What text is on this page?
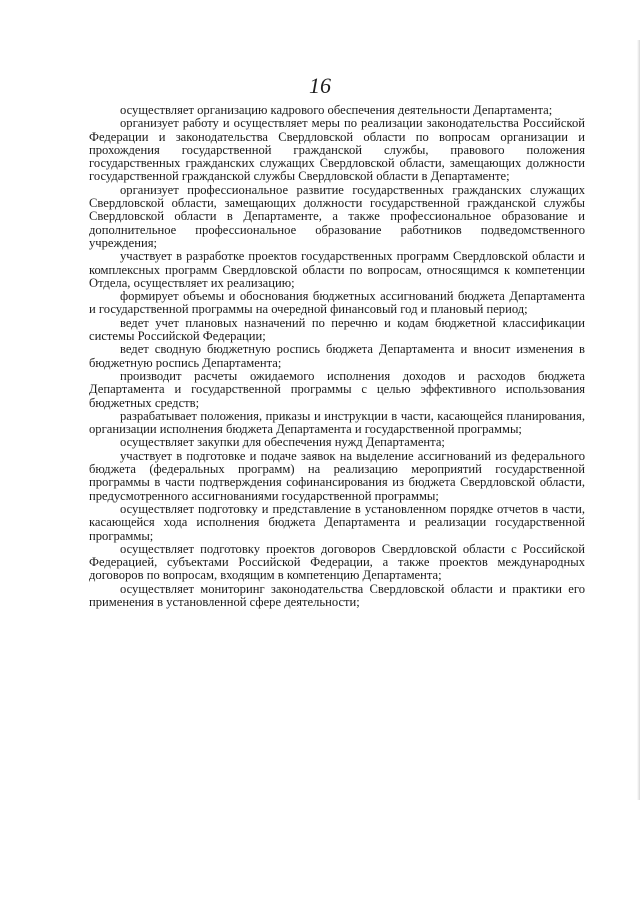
16

осуществляет организацию кадрового обеспечения деятельности Департамента;

организует работу и осуществляет меры по реализации законодательства Российской Федерации и законодательства Свердловской области по вопросам организации и прохождения государственной гражданской службы, правового положения государственных гражданских служащих Свердловской области, замещающих должности государственной гражданской службы Свердловской области в Департаменте;

организует профессиональное развитие государственных гражданских служащих Свердловской области, замещающих должности государственной гражданской службы Свердловской области в Департаменте, а также профессиональное образование и дополнительное профессиональное образование работников подведомственного учреждения;

участвует в разработке проектов государственных программ Свердловской области и комплексных программ Свердловской области по вопросам, относящимся к компетенции Отдела, осуществляет их реализацию;

формирует объемы и обоснования бюджетных ассигнований бюджета Департамента и государственной программы на очередной финансовый год и плановый период;

ведет учет плановых назначений по перечню и кодам бюджетной классификации системы Российской Федерации;

ведет сводную бюджетную роспись бюджета Департамента и вносит изменения в бюджетную роспись Департамента;

производит расчеты ожидаемого исполнения доходов и расходов бюджета Департамента и государственной программы с целью эффективного использования бюджетных средств;

разрабатывает положения, приказы и инструкции в части, касающейся планирования, организации исполнения бюджета Департамента и государственной программы;

осуществляет закупки для обеспечения нужд Департамента;

участвует в подготовке и подаче заявок на выделение ассигнований из федерального бюджета (федеральных программ) на реализацию мероприятий государственной программы в части подтверждения софинансирования из бюджета Свердловской области, предусмотренного ассигнованиями государственной программы;

осуществляет подготовку и представление в установленном порядке отчетов в части, касающейся хода исполнения бюджета Департамента и реализации государственной программы;

осуществляет подготовку проектов договоров Свердловской области с Российской Федерацией, субъектами Российской Федерации, а также проектов международных договоров по вопросам, входящим в компетенцию Департамента;

осуществляет мониторинг законодательства Свердловской области и практики его применения в установленной сфере деятельности;
